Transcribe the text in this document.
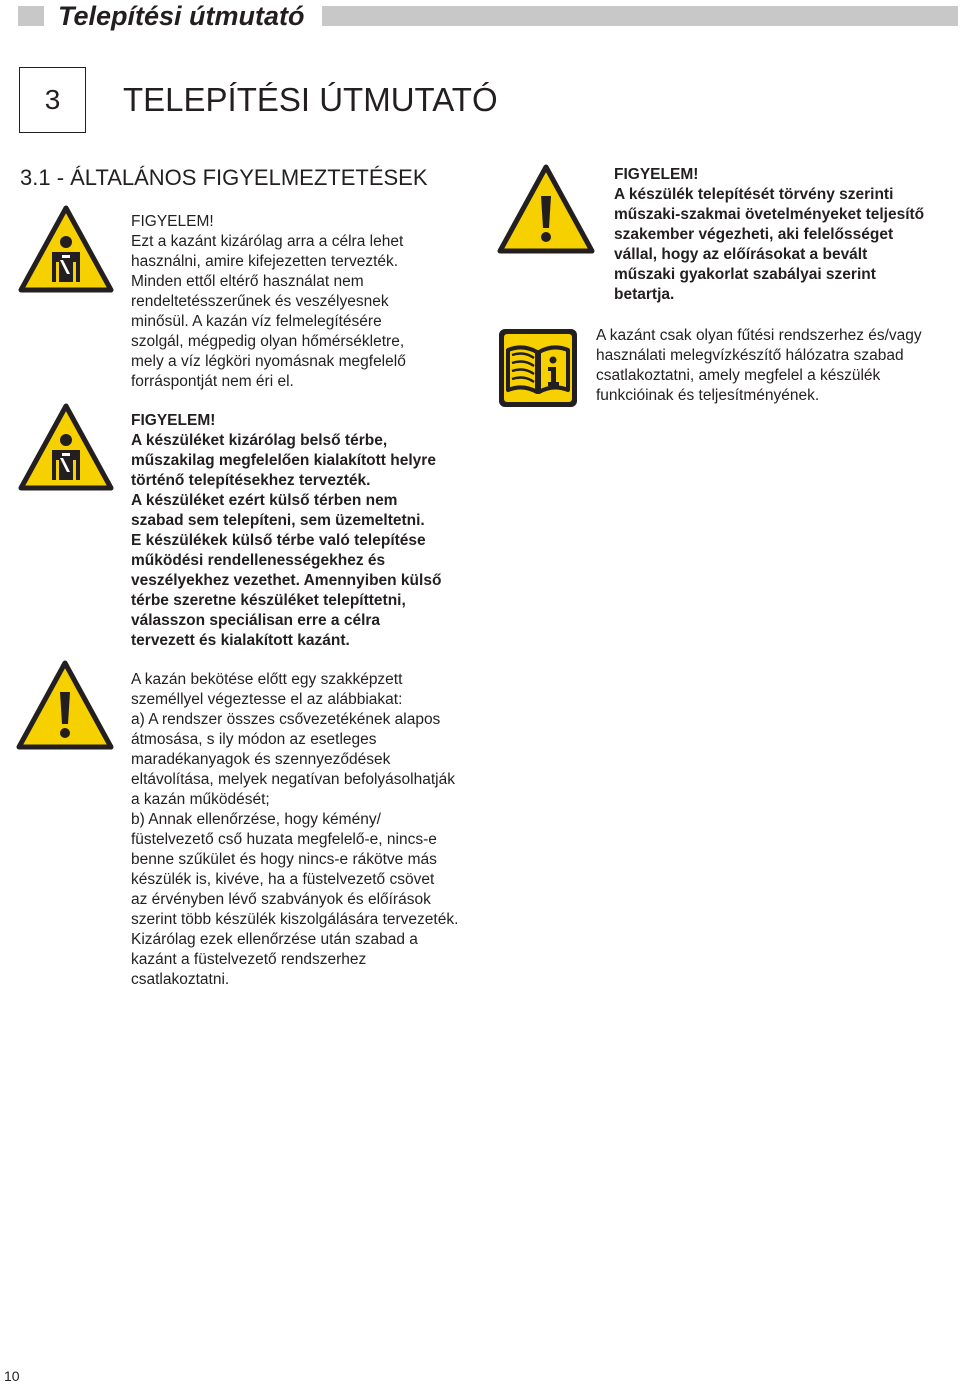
Telepítési útmutató
3 TELEPÍTÉSI ÚTMUTATÓ
3.1 - ÁLTALÁNOS FIGYELMEZTETÉSEK
FIGYELEM!
Ezt a kazánt kizárólag arra a célra lehet
használni, amire kifejezetten tervezték.
Minden ettől eltérő használat nem
rendeltetésszerűnek és veszélyesnek
minősül. A kazán víz felmelegítésére
szolgál, mégpedig olyan hőmérsékletre,
mely a víz légköri nyomásnak megfelelő
forráspontját nem éri el.
FIGYELEM!
A készüléket kizárólag belső térbe,
műszakilag megfelelően kialakított helyre
történő telepítésekhez tervezték.
A készüléket ezért külső térben nem
szabad sem telepíteni, sem üzemeltetni.
E készülékek külső térbe való telepítése
működési rendellenességekhez és
veszélyekhez vezethet. Amennyiben külső
térbe szeretne készüléket telepíttetni,
válasszon speciálisan erre a célra
tervezett és kialakított kazánt.
A kazán bekötése előtt egy szakképzett
személlyel végeztesse el az alábbiakat:
a) A rendszer összes csővezetékének alapos
átmosása, s ily módon az esetleges
maradékanyagok és szennyeződések
eltávolítása, melyek negatívan befolyásolhatják
a kazán működését;
b) Annak ellenőrzése, hogy kémény/
füstelvezető cső huzata megfelelő-e, nincs-e
benne szűkület és hogy nincs-e rákötve más
készülék is, kivéve, ha a füstelvezető csövet
az érvényben lévő szabványok és előírások
szerint több készülék kiszolgálására tervezeték.
Kizárólag ezek ellenőrzése után szabad a
kazánt a füstelvezető rendszerhez
csatlakoztatni.
FIGYELEM!
A készülék telepítését törvény szerinti
műszaki-szakmai övetelményeket teljesítő
szakember végezheti, aki felelősséget
vállal, hogy az előírásokat a bevált
műszaki gyakorlat szabályai szerint
betartja.
A kazánt csak olyan fűtési rendszerhez és/vagy
használati melegvízkészítő hálózatra szabad
csatlakoztatni, amely megfelel a készülék
funkcióinak és teljesítményének.
10
